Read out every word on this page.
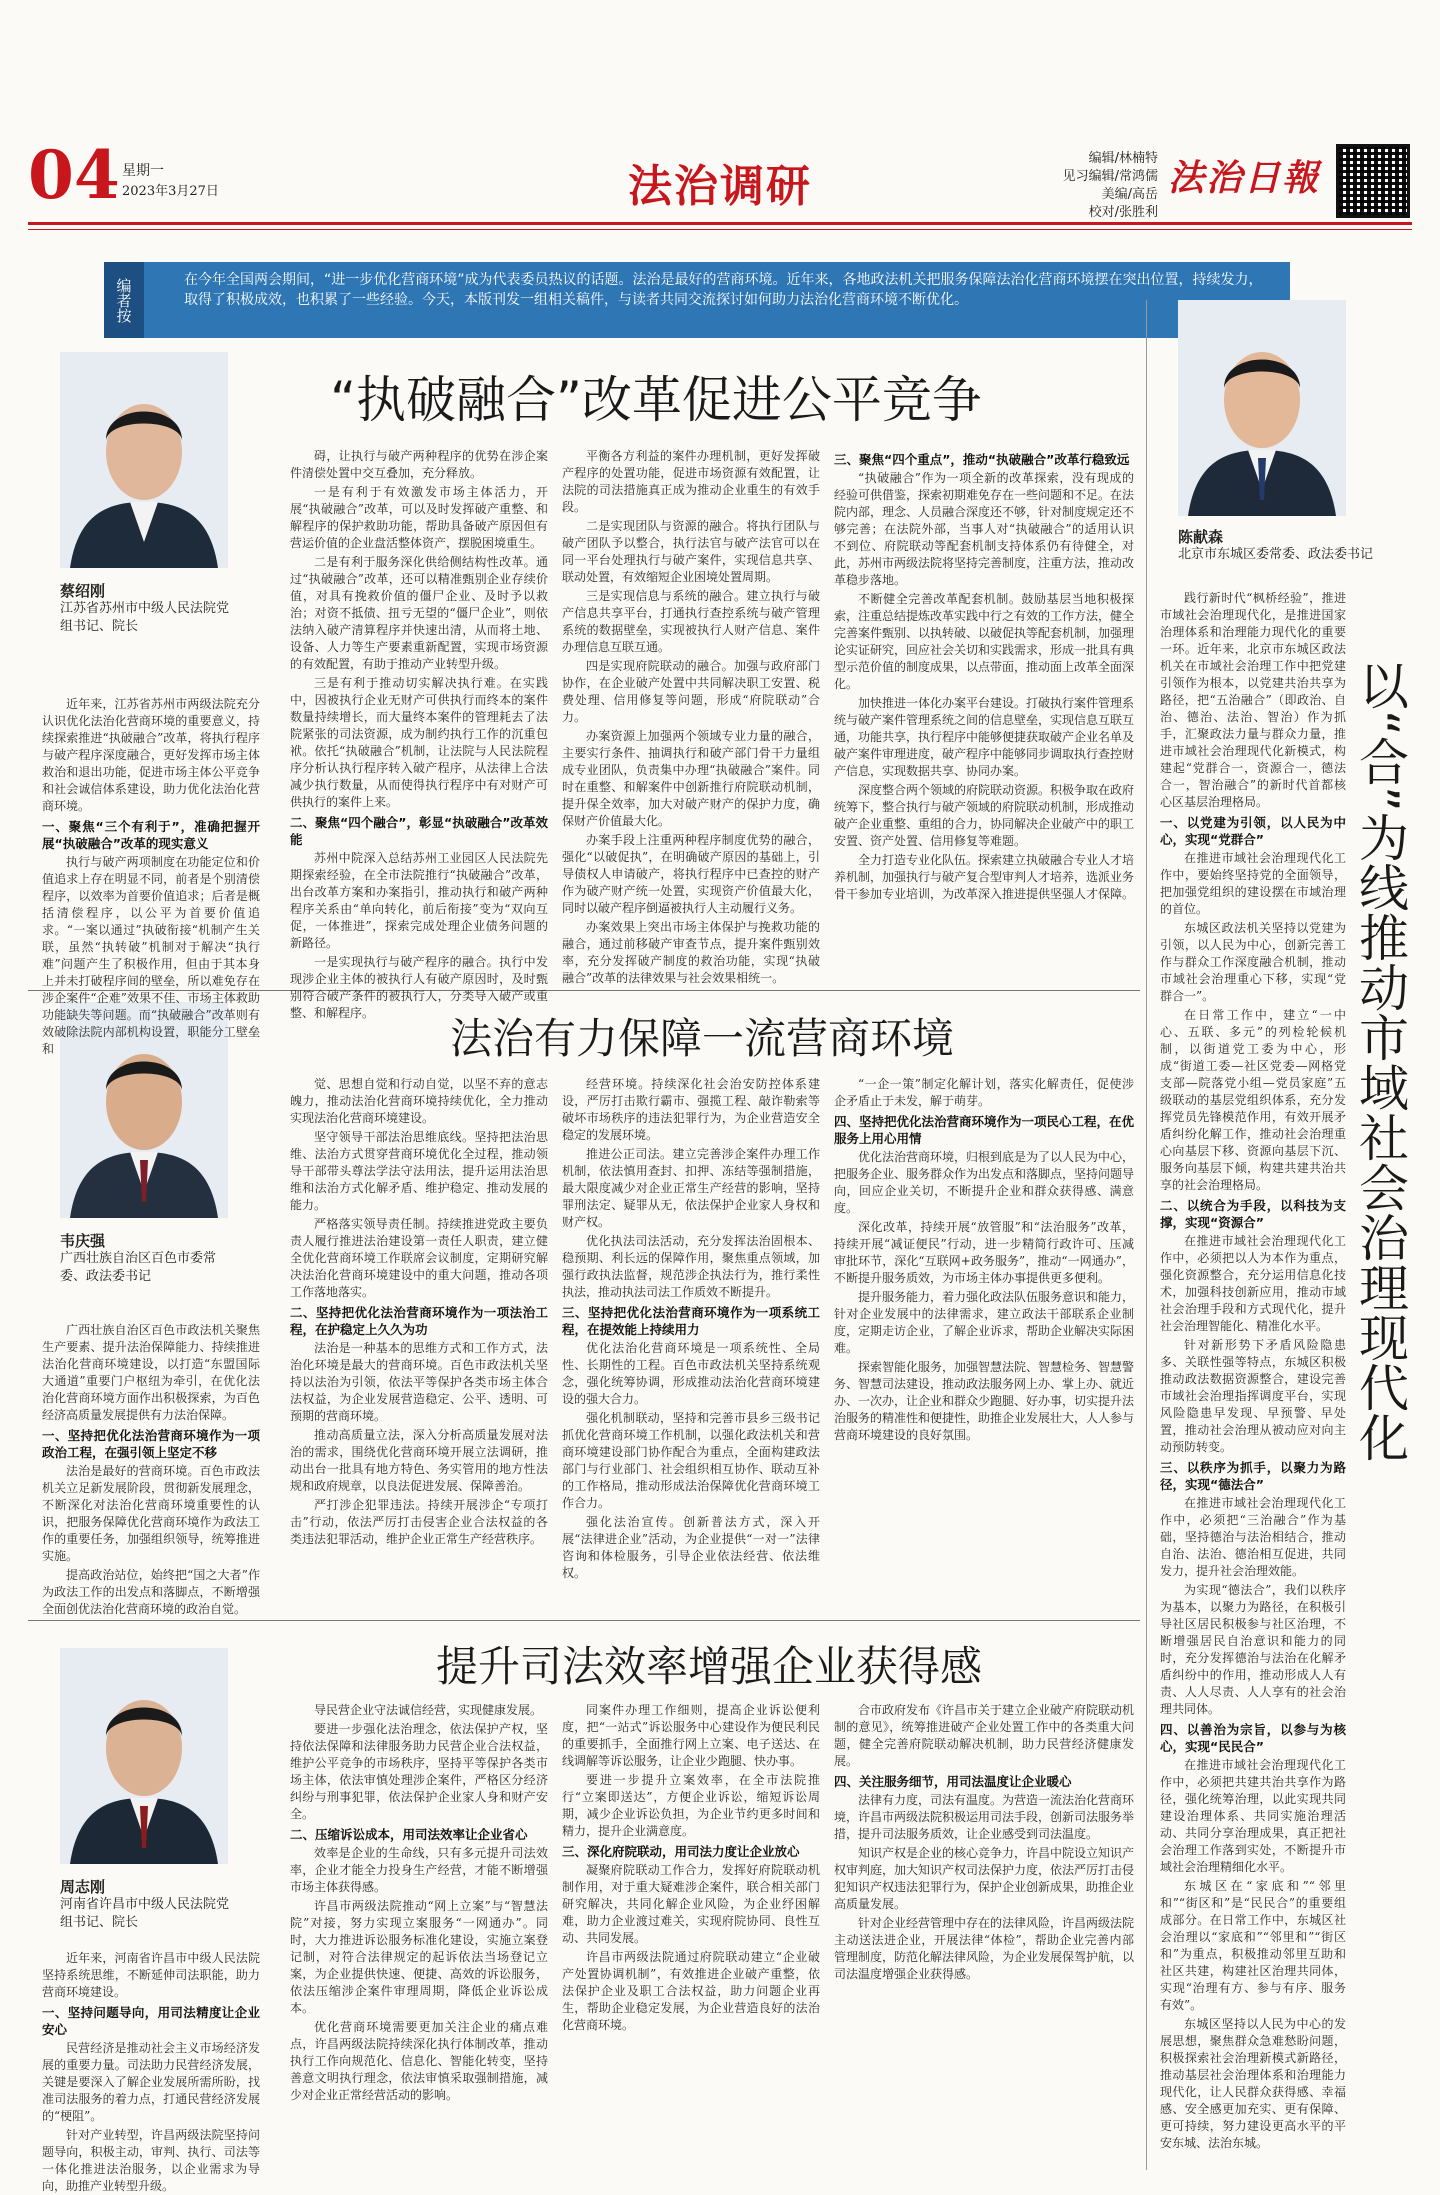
04 星期一
2023年3月27日	法治调研
编辑/林楠特
见习编辑/常鸿儒
美编/高岳
校对/张胜利
法治日報
编者按	在今年全国两会期间，“进一步优化营商环境”成为代表委员热议的话题。法治是最好的营商环境。近年来，各地政法机关把服务保障法治化营商环境摆在突出位置，持续发力，取得了积极成效，也积累了一些经验。今天，本版刊发一组相关稿件，与读者共同交流探讨如何助力法治化营商环境不断优化。
“执破融合”改革促进公平竞争
法治有力保障一流营商环境
提升司法效率增强企业获得感
以“合”为线推动市域社会治理现代化
蔡绍刚
江苏省苏州市中级人民法院党组书记、院长
韦庆强
广西壮族自治区百色市委常委、政法委书记
周志刚
河南省许昌市中级人民法院党组书记、院长
陈献森
北京市东城区委常委、政法委书记

近年来，江苏省苏州市两级法院充分认识优化法治化营商环境的重要意义，持续探索推进“执破融合”改革，将执行程序与破产程序深度融合，更好发挥市场主体救治和退出功能，促进市场主体公平竞争和社会诚信体系建设，助力优化法治化营商环境。

一、聚焦“三个有利于”，准确把握开展“执破融合”改革的现实意义

执行与破产两项制度在功能定位和价值追求上存在明显不同，前者是个别清偿程序，以效率为首要价值追求；后者是概括清偿程序，以公平为首要价值追求。“一案以通过”执破衔接“机制产生关联，虽然“执转破”机制对于解决“执行难”问题产生了积极作用，但由于其本身上并未打破程序间的壁垒，所以难免存在涉企案件“企难”效果不佳、市场主体救助功能缺失等问题。而“执破融合”改革则有效破除法院内部机构设置，职能分工壁垒和

碍，让执行与破产两种程序的优势在涉企案件清偿处置中交互叠加，充分释放。

一是有利于有效激发市场主体活力，开展“执破融合”改革，可以及时发挥破产重整、和解程序的保护救助功能，帮助具备破产原因但有营运价值的企业盘活整体资产，摆脱困境重生。

二是有利于服务深化供给侧结构性改革。通过“执破融合”改革，还可以精准甄别企业存续价值，对具有挽救价值的僵尸企业、及时予以救治；对资不抵债、扭亏无望的“僵尸企业”，则依法纳入破产清算程序并快速出清，从而将土地、设备、人力等生产要素重新配置，实现市场资源的有效配置，有助于推动产业转型升级。

三是有利于推动切实解决执行难。在实践中，因被执行企业无财产可供执行而终本的案件数量持续增长，而大量终本案件的管理耗去了法院紧张的司法资源，成为制约执行工作的沉重包袱。依托“执破融合”机制，让法院与人民法院程序分析认执行程序转入破产程序，从法律上合法减少执行数量，从而使得执行程序中有对财产可供执行的案件上来。

二、聚焦“四个融合”，彰显“执破融合”改革效能

苏州中院深入总结苏州工业园区人民法院先期探索经验，在全市法院推行“执破融合”改革，出台改革方案和办案指引，推动执行和破产两种程序关系由“单向转化，前后衔接”变为“双向互促，一体推进”，探索完成处理企业债务问题的新路径。

一是实现执行与破产程序的融合。执行中发现涉企业主体的被执行人有破产原因时，及时甄别符合破产条件的被执行人，分类导入破产或重整、和解程序。

平衡各方利益的案件办理机制，更好发挥破产程序的处置功能，促进市场资源有效配置，让法院的司法措施真正成为推动企业重生的有效手段。

二是实现团队与资源的融合。将执行团队与破产团队予以整合，执行法官与破产法官可以在同一平台处理执行与破产案件，实现信息共享、联动处置，有效缩短企业困境处置周期。

三是实现信息与系统的融合。建立执行与破产信息共享平台，打通执行查控系统与破产管理系统的数据壁垒，实现被执行人财产信息、案件办理信息互联互通。

四是实现府院联动的融合。加强与政府部门协作，在企业破产处置中共同解决职工安置、税费处理、信用修复等问题，形成“府院联动”合力。

办案资源上加强两个领域专业力量的融合，主要实行条件、抽调执行和破产部门骨干力量组成专业团队，负责集中办理“执破融合”案件。同时在重整、和解案件中创新推行府院联动机制，提升保全效率，加大对破产财产的保护力度，确保财产价值最大化。

办案手段上注重两种程序制度优势的融合，强化“以破促执”，在明确破产原因的基础上，引导债权人申请破产，将执行程序中已查控的财产作为破产财产统一处置，实现资产价值最大化，同时以破产程序倒逼被执行人主动履行义务。

办案效果上突出市场主体保护与挽救功能的融合，通过前移破产审查节点，提升案件甄别效率，充分发挥破产制度的救治功能，实现“执破融合”改革的法律效果与社会效果相统一。

三、聚焦“四个重点”，推动“执破融合”改革行稳致远

“执破融合”作为一项全新的改革探索，没有现成的经验可供借鉴，探索初期难免存在一些问题和不足。在法院内部，理念、人员融合深度还不够，针对制度规定还不够完善；在法院外部，当事人对“执破融合”的适用认识不到位、府院联动等配套机制支持体系仍有待健全，对此，苏州市两级法院将坚持完善制度，注重方法，推动改革稳步落地。

不断健全完善改革配套机制。鼓励基层当地积极探索，注重总结提炼改革实践中行之有效的工作方法，健全完善案件甄别、以执转破、以破促执等配套机制，加强理论实证研究，回应社会关切和实践需求，形成一批具有典型示范价值的制度成果，以点带面，推动面上改革全面深化。

加快推进一体化办案平台建设。打破执行案件管理系统与破产案件管理系统之间的信息壁垒，实现信息互联互通，功能共享，执行程序中能够便捷获取破产企业名单及破产案件审理进度，破产程序中能够同步调取执行查控财产信息，实现数据共享、协同办案。

深度整合两个领域的府院联动资源。积极争取在政府统筹下，整合执行与破产领域的府院联动机制，形成推动破产企业重整、重组的合力，协同解决企业破产中的职工安置、资产处置、信用修复等难题。

全力打造专业化队伍。探索建立执破融合专业人才培养机制，加强执行与破产复合型审判人才培养，选派业务骨干参加专业培训，为改革深入推进提供坚强人才保障。

广西壮族自治区百色市政法机关聚焦生产要素、提升法治保障能力、持续推进法治化营商环境建设，以打造“东盟国际大通道”重要门户枢纽为牵引，在优化法治化营商环境方面作出积极探索，为百色经济高质量发展提供有力法治保障。

一、坚持把优化法治营商环境作为一项政治工程，在强引领上坚定不移

法治是最好的营商环境。百色市政法机关立足新发展阶段，贯彻新发展理念，不断深化对法治化营商环境重要性的认识，把服务保障优化营商环境作为政法工作的重要任务，加强组织领导，统筹推进实施。

提高政治站位，始终把“国之大者”作为政法工作的出发点和落脚点，不断增强全面创优法治化营商环境的政治自觉。

觉、思想自觉和行动自觉，以坚不弃的意志魄力，推动法治化营商环境持续优化，全力推动实现法治化营商环境建设。

坚守领导干部法治思维底线。坚持把法治思维、法治方式贯穿营商环境优化全过程，推动领导干部带头尊法学法守法用法，提升运用法治思维和法治方式化解矛盾、维护稳定、推动发展的能力。

严格落实领导责任制。持续推进党政主要负责人履行推进法治建设第一责任人职责，建立健全优化营商环境工作联席会议制度，定期研究解决法治化营商环境建设中的重大问题，推动各项工作落地落实。

二、坚持把优化法治营商环境作为一项法治工程，在护稳定上久久为功

法治是一种基本的思维方式和工作方式，法治化环境是最大的营商环境。百色市政法机关坚持以法治为引领，依法平等保护各类市场主体合法权益，为企业发展营造稳定、公平、透明、可预期的营商环境。

推动高质量立法，深入分析高质量发展对法治的需求，围绕优化营商环境开展立法调研，推动出台一批具有地方特色、务实管用的地方性法规和政府规章，以良法促进发展、保障善治。

严打涉企犯罪违法。持续开展涉企“专项打击”行动，依法严厉打击侵害企业合法权益的各类违法犯罪活动，维护企业正常生产经营秩序。

经营环境。持续深化社会治安防控体系建设，严厉打击欺行霸市、强揽工程、敲诈勒索等破坏市场秩序的违法犯罪行为，为企业营造安全稳定的发展环境。

推进公正司法。建立完善涉企案件办理工作机制，依法慎用查封、扣押、冻结等强制措施，最大限度减少对企业正常生产经营的影响，坚持罪刑法定、疑罪从无，依法保护企业家人身权和财产权。

优化执法司法活动，充分发挥法治固根本、稳预期、利长远的保障作用，聚焦重点领域，加强行政执法监督，规范涉企执法行为，推行柔性执法，推动执法司法工作质效不断提升。

三、坚持把优化法治营商环境作为一项系统工程，在提效能上持续用力

优化法治化营商环境是一项系统性、全局性、长期性的工程。百色市政法机关坚持系统观念，强化统筹协调，形成推动法治化营商环境建设的强大合力。

强化机制联动，坚持和完善市县乡三级书记抓优化营商环境工作机制，以强化政法机关和营商环境建设部门协作配合为重点，全面构建政法部门与行业部门、社会组织相互协作、联动互补的工作格局，推动形成法治保障优化营商环境工作合力。

强化法治宣传。创新普法方式，深入开展“法律进企业”活动，为企业提供“一对一”法律咨询和体检服务，引导企业依法经营、依法维权。

“一企一策”制定化解计划，落实化解责任，促使涉企矛盾止于未发，解于萌芽。

四、坚持把优化法治营商环境作为一项民心工程，在优服务上用心用情

优化法治营商环境，归根到底是为了以人民为中心，把服务企业、服务群众作为出发点和落脚点，坚持问题导向，回应企业关切，不断提升企业和群众获得感、满意度。

深化改革，持续开展“放管服”和“法治服务”改革，持续开展“减证便民”行动，进一步精简行政许可、压减审批环节，深化“互联网+政务服务”，推动“一网通办”，不断提升服务质效，为市场主体办事提供更多便利。

提升服务能力，着力强化政法队伍服务意识和能力，针对企业发展中的法律需求，建立政法干部联系企业制度，定期走访企业，了解企业诉求，帮助企业解决实际困难。

探索智能化服务，加强智慧法院、智慧检务、智慧警务、智慧司法建设，推动政法服务网上办、掌上办、就近办、一次办，让企业和群众少跑腿、好办事，切实提升法治服务的精准性和便捷性，助推企业发展壮大，人人参与营商环境建设的良好氛围。

近年来，河南省许昌市中级人民法院坚持系统思维，不断延伸司法职能，助力营商环境建设。

一、坚持问题导向，用司法精度让企业安心

民营经济是推动社会主义市场经济发展的重要力量。司法助力民营经济发展，关键是要深入了解企业发展所需所盼，找准司法服务的着力点，打通民营经济发展的“梗阻”。

针对产业转型，许昌两级法院坚持问题导向，积极主动，审判、执行、司法等一体化推进法治服务，以企业需求为导向，助推产业转型升级。

导民营企业守法诚信经营，实现健康发展。

要进一步强化法治理念，依法保护产权，坚持依法保障和法律服务助力民营企业合法权益，维护公平竞争的市场秩序，坚持平等保护各类市场主体，依法审慎处理涉企案件，严格区分经济纠纷与刑事犯罪，依法保护企业家人身和财产安全。

二、压缩诉讼成本，用司法效率让企业省心

效率是企业的生命线，只有多元提升司法效率，企业才能全力投身生产经营，才能不断增强市场主体获得感。

许昌市两级法院推动“网上立案”与“智慧法院”对接，努力实现立案服务“一网通办”。同时，大力推进诉讼服务标准化建设，实施立案登记制，对符合法律规定的起诉依法当场登记立案，为企业提供快速、便捷、高效的诉讼服务，依法压缩涉企案件审理周期，降低企业诉讼成本。

优化营商环境需要更加关注企业的痛点难点，许昌两级法院持续深化执行体制改革，推动执行工作向规范化、信息化、智能化转变，坚持善意文明执行理念，依法审慎采取强制措施，减少对企业正常经营活动的影响。

同案件办理工作细则，提高企业诉讼便利度，把“一站式”诉讼服务中心建设作为便民利民的重要抓手，全面推行网上立案、电子送达、在线调解等诉讼服务，让企业少跑腿、快办事。

要进一步提升立案效率，在全市法院推行“立案即送达”，方便企业诉讼，缩短诉讼周期，减少企业诉讼负担，为企业节约更多时间和精力，提升企业满意度。

三、深化府院联动，用司法力度让企业放心

凝聚府院联动工作合力，发挥好府院联动机制作用，对于重大疑难涉企案件，联合相关部门研究解决，共同化解企业风险，为企业纾困解难，助力企业渡过难关，实现府院协同、良性互动、共同发展。

许昌市两级法院通过府院联动建立“企业破产处置协调机制”，有效推进企业破产重整，依法保护企业及职工合法权益，助力问题企业再生，帮助企业稳定发展，为企业营造良好的法治化营商环境。

合市政府发布《许昌市关于建立企业破产府院联动机制的意见》，统筹推进破产企业处置工作中的各类重大问题，健全完善府院联动解决机制，助力民营经济健康发展。

四、关注服务细节，用司法温度让企业暖心

法律有力度，司法有温度。为营造一流法治化营商环境，许昌市两级法院积极运用司法手段，创新司法服务举措，提升司法服务质效，让企业感受到司法温度。

知识产权是企业的核心竞争力，许昌中院设立知识产权审判庭，加大知识产权司法保护力度，依法严厉打击侵犯知识产权违法犯罪行为，保护企业创新成果，助推企业高质量发展。

针对企业经营管理中存在的法律风险，许昌两级法院主动送法进企业，开展法律“体检”，帮助企业完善内部管理制度，防范化解法律风险，为企业发展保驾护航，以司法温度增强企业获得感。

践行新时代“枫桥经验”，推进市域社会治理现代化，是推进国家治理体系和治理能力现代化的重要一环。近年来，北京市东城区政法机关在市域社会治理工作中把党建引领作为根本，以党建共治共享为路径，把“五治融合”（即政治、自治、德治、法治、智治）作为抓手，汇聚政法力量与群众力量，推进市域社会治理现代化新模式，构建起“党群合一，资源合一，德法合一，智治融合”的新时代首都核心区基层治理格局。

一、以党建为引领，以人民为中心，实现“党群合”

在推进市域社会治理现代化工作中，要始终坚持党的全面领导，把加强党组织的建设摆在市域治理的首位。

东城区政法机关坚持以党建为引领，以人民为中心，创新完善工作与群众工作深度融合机制，推动市域社会治理重心下移，实现“党群合一”。

在日常工作中，建立“一中心、五联、多元”的列检轮候机制，以街道党工委为中心，形成“街道工委—社区党委—网格党支部—院落党小组—党员家庭”五级联动的基层党组织体系，充分发挥党员先锋模范作用，有效开展矛盾纠纷化解工作，推动社会治理重心向基层下移、资源向基层下沉、服务向基层下倾，构建共建共治共享的社会治理格局。

二、以统合为手段，以科技为支撑，实现“资源合”

在推进市域社会治理现代化工作中，必须把以人为本作为重点，强化资源整合，充分运用信息化技术，加强科技创新应用，推动市域社会治理手段和方式现代化，提升社会治理智能化、精准化水平。

针对新形势下矛盾风险隐患多、关联性强等特点，东城区积极推动政法数据资源整合，建设完善市域社会治理指挥调度平台，实现风险隐患早发现、早预警、早处置，推动社会治理从被动应对向主动预防转变。

三、以秩序为抓手，以聚力为路径，实现“德法合”

在推进市域社会治理现代化工作中，必须把“三治融合”作为基础，坚持德治与法治相结合，推动自治、法治、德治相互促进，共同发力，提升社会治理效能。

为实现“德法合”，我们以秩序为基本，以聚力为路径，在积极引导社区居民积极参与社区治理，不断增强居民自治意识和能力的同时，充分发挥德治与法治在化解矛盾纠纷中的作用，推动形成人人有责、人人尽责、人人享有的社会治理共同体。

四、以善治为宗旨，以参与为核心，实现“民民合”

在推进市域社会治理现代化工作中，必须把共建共治共享作为路径，强化统筹治理，以此实现共同建设治理体系、共同实施治理活动、共同分享治理成果，真正把社会治理工作落到实处，不断提升市域社会治理精细化水平。

东城区在“家底和”“邻里和”“街区和”是“民民合”的重要组成部分。在日常工作中，东城区社会治理以“家底和”“邻里和”“街区和”为重点，积极推动邻里互助和社区共建，构建社区治理共同体，实现“治理有方、参与有序、服务有效”。

东城区坚持以人民为中心的发展思想，聚焦群众急难愁盼问题，积极探索社会治理新模式新路径，推动基层社会治理体系和治理能力现代化，让人民群众获得感、幸福感、安全感更加充实、更有保障、更可持续，努力建设更高水平的平安东城、法治东城。
